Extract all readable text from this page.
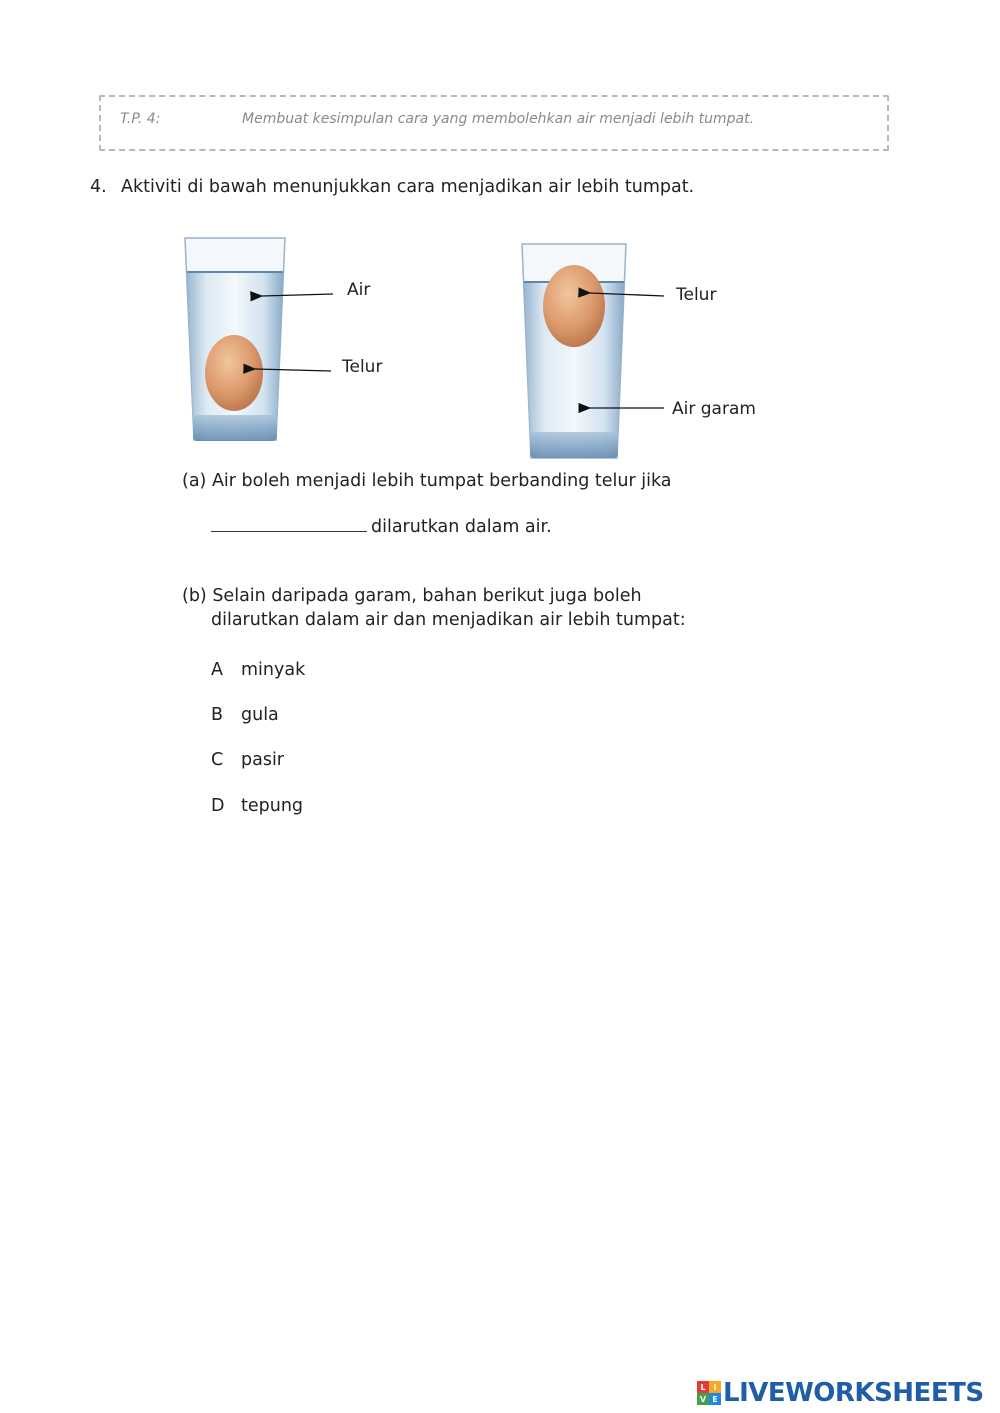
T.P. 4:	Membuat kesimpulan cara yang membolehkan air menjadi lebih tumpat.
4. Aktiviti di bawah menunjukkan cara menjadikan air lebih tumpat.
Air
Telur
Telur
Air garam
(a) Air boleh menjadi lebih tumpat berbanding telur jika
dilarutkan dalam air.
(b) Selain daripada garam, bahan berikut juga boleh
dilarutkan dalam air dan menjadikan air lebih tumpat:
A minyak
B gula
C pasir
D tepung
L I
V E LIVEWORKSHEETS
